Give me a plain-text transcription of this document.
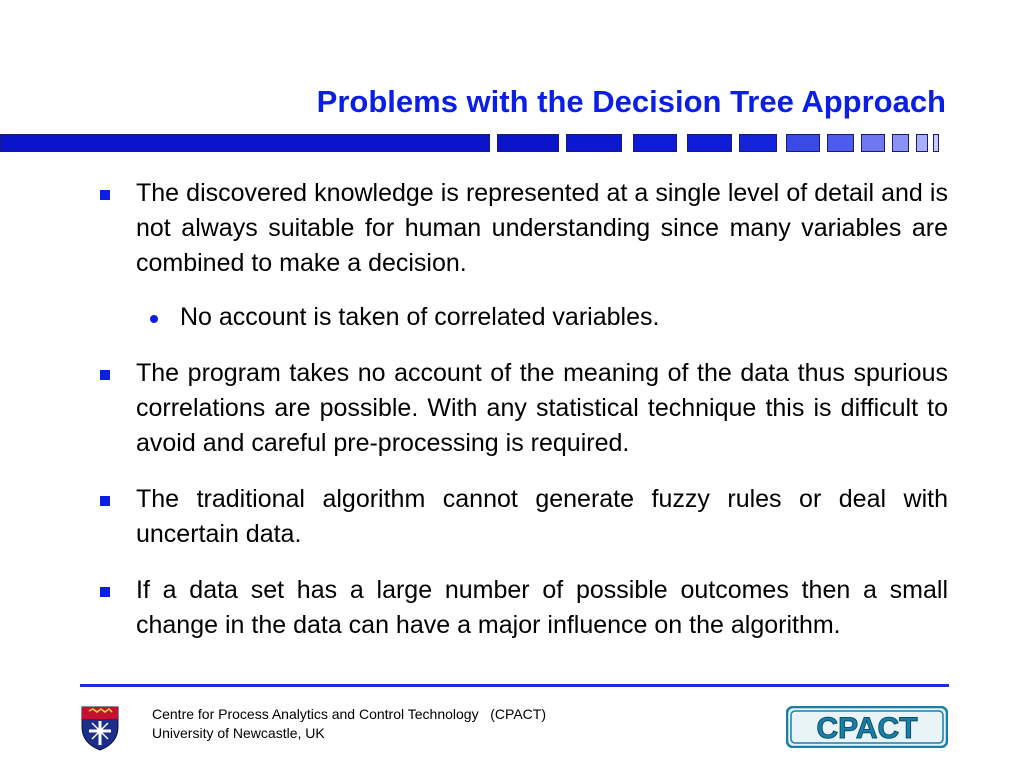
Problems with the Decision Tree Approach
The discovered knowledge is represented at a single level of detail and is not always suitable for human understanding since many variables are combined to make a decision.
No account is taken of correlated variables.
The program takes no account of the meaning of the data thus spurious correlations are possible. With any statistical technique this is difficult to avoid and careful pre-processing is required.
The traditional algorithm cannot generate fuzzy rules or deal with uncertain data.
If a data set has a large number of possible outcomes then a small change in the data can have a major influence on the algorithm.
Centre for Process Analytics and Control Technology   (CPACT)
University of Newcastle, UK	CPACT
